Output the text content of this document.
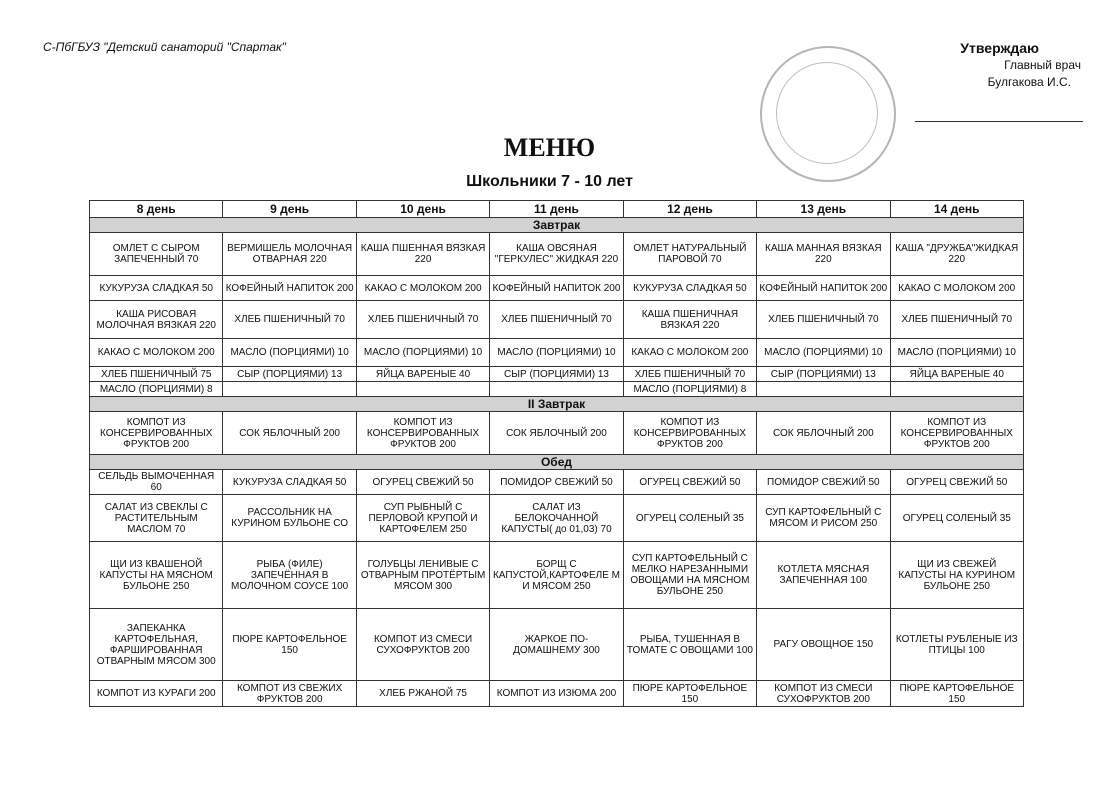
С-ПбГБУЗ "Детский санаторий "Спартак"	Утверждаю
Главный врач
Булгакова И.С.
МЕНЮ
Школьники 7 - 10 лет
8 день	9 день	10 день	11 день	12 день	13 день	14 день
Завтрак						
ОМЛЕТ С СЫРОМ ЗАПЕЧЕННЫЙ 70	ВЕРМИШЕЛЬ МОЛОЧНАЯ ОТВАРНАЯ 220	КАША ПШЕННАЯ ВЯЗКАЯ 220	КАША ОВСЯНАЯ "ГЕРКУЛЕС" ЖИДКАЯ 220	ОМЛЕТ НАТУРАЛЬНЫЙ ПАРОВОЙ 70	КАША МАННАЯ ВЯЗКАЯ 220	КАША "ДРУЖБА"ЖИДКАЯ 220
КУКУРУЗА СЛАДКАЯ 50	КОФЕЙНЫЙ НАПИТОК 200	КАКАО С МОЛОКОМ 200	КОФЕЙНЫЙ НАПИТОК 200	КУКУРУЗА СЛАДКАЯ 50	КОФЕЙНЫЙ НАПИТОК 200	КАКАО С МОЛОКОМ 200
КАША РИСОВАЯ МОЛОЧНАЯ ВЯЗКАЯ 220	ХЛЕБ ПШЕНИЧНЫЙ 70	ХЛЕБ ПШЕНИЧНЫЙ 70	ХЛЕБ ПШЕНИЧНЫЙ 70	КАША ПШЕНИЧНАЯ ВЯЗКАЯ 220	ХЛЕБ ПШЕНИЧНЫЙ 70	ХЛЕБ ПШЕНИЧНЫЙ 70
КАКАО С МОЛОКОМ 200	МАСЛО (ПОРЦИЯМИ) 10	МАСЛО (ПОРЦИЯМИ) 10	МАСЛО (ПОРЦИЯМИ) 10	КАКАО С МОЛОКОМ 200	МАСЛО (ПОРЦИЯМИ) 10	МАСЛО (ПОРЦИЯМИ) 10
ХЛЕБ ПШЕНИЧНЫЙ 75	СЫР (ПОРЦИЯМИ) 13	ЯЙЦА ВАРЕНЫЕ 40	СЫР (ПОРЦИЯМИ) 13	ХЛЕБ ПШЕНИЧНЫЙ 70	СЫР (ПОРЦИЯМИ) 13	ЯЙЦА ВАРЕНЫЕ 40
МАСЛО (ПОРЦИЯМИ) 8				МАСЛО (ПОРЦИЯМИ) 8		
II Завтрак						
КОМПОТ ИЗ КОНСЕРВИРОВАННЫХ ФРУКТОВ 200	СОК ЯБЛОЧНЫЙ 200	КОМПОТ ИЗ КОНСЕРВИРОВАННЫХ ФРУКТОВ 200	СОК ЯБЛОЧНЫЙ 200	КОМПОТ ИЗ КОНСЕРВИРОВАННЫХ ФРУКТОВ 200	СОК ЯБЛОЧНЫЙ 200	КОМПОТ ИЗ КОНСЕРВИРОВАННЫХ ФРУКТОВ 200
Обед						
СЕЛЬДЬ ВЫМОЧЕННАЯ 60	КУКУРУЗА СЛАДКАЯ 50	ОГУРЕЦ СВЕЖИЙ 50	ПОМИДОР СВЕЖИЙ 50	ОГУРЕЦ СВЕЖИЙ 50	ПОМИДОР СВЕЖИЙ 50	ОГУРЕЦ СВЕЖИЙ 50
САЛАТ ИЗ СВЕКЛЫ С РАСТИТЕЛЬНЫМ МАСЛОМ 70	РАССОЛЬНИК НА КУРИНОМ БУЛЬОНЕ СО	СУП РЫБНЫЙ С ПЕРЛОВОЙ КРУПОЙ И КАРТОФЕЛЕМ 250	САЛАТ ИЗ БЕЛОКОЧАННОЙ КАПУСТЫ( до 01,03) 70	ОГУРЕЦ СОЛЕНЫЙ 35	СУП КАРТОФЕЛЬНЫЙ С МЯСОМ И РИСОМ 250	ОГУРЕЦ СОЛЕНЫЙ 35
ЩИ ИЗ КВАШЕНОЙ КАПУСТЫ НА МЯСНОМ БУЛЬОНЕ 250	РЫБА (ФИЛЕ) ЗАПЕЧЁННАЯ В МОЛОЧНОМ СОУСЕ 100	ГОЛУБЦЫ ЛЕНИВЫЕ С ОТВАРНЫМ ПРОТЁРТЫМ МЯСОМ 300	БОРЩ С КАПУСТОЙ,КАРТОФЕЛЕ М И МЯСОМ 250	СУП КАРТОФЕЛЬНЫЙ С МЕЛКО НАРЕЗАННЫМИ ОВОЩАМИ НА МЯСНОМ БУЛЬОНЕ 250	КОТЛЕТА МЯСНАЯ ЗАПЕЧЕННАЯ 100	ЩИ ИЗ СВЕЖЕЙ КАПУСТЫ НА КУРИНОМ БУЛЬОНЕ 250
ЗАПЕКАНКА КАРТОФЕЛЬНАЯ, ФАРШИРОВАННАЯ ОТВАРНЫМ МЯСОМ 300	ПЮРЕ КАРТОФЕЛЬНОЕ 150	КОМПОТ ИЗ СМЕСИ СУХОФРУКТОВ 200	ЖАРКОЕ ПО-ДОМАШНЕМУ 300	РЫБА, ТУШЕННАЯ В ТОМАТЕ С ОВОЩАМИ 100	РАГУ ОВОЩНОЕ 150	КОТЛЕТЫ РУБЛЕНЫЕ ИЗ ПТИЦЫ 100
КОМПОТ ИЗ КУРАГИ 200	КОМПОТ ИЗ СВЕЖИХ ФРУКТОВ 200	ХЛЕБ РЖАНОЙ 75	КОМПОТ ИЗ ИЗЮМА 200	ПЮРЕ КАРТОФЕЛЬНОЕ 150	КОМПОТ ИЗ СМЕСИ СУХОФРУКТОВ 200	ПЮРЕ КАРТОФЕЛЬНОЕ 150
